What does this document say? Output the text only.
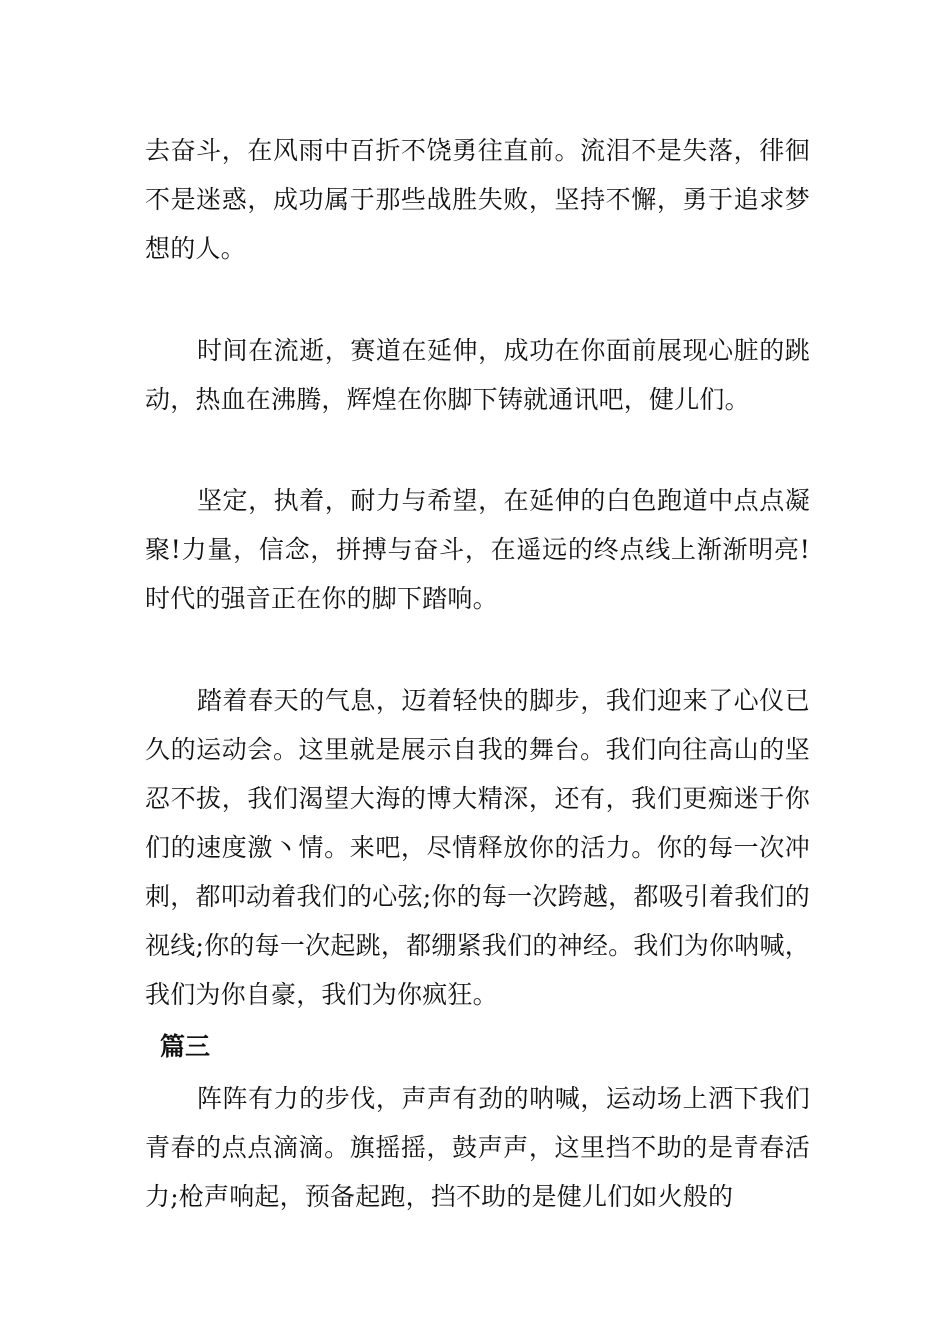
去奋斗，在风雨中百折不饶勇往直前。流泪不是失落，徘徊不是迷惑，成功属于那些战胜失败，坚持不懈，勇于追求梦想的人。

时间在流逝，赛道在延伸，成功在你面前展现心脏的跳动，热血在沸腾，辉煌在你脚下铸就通讯吧，健儿们。

坚定，执着，耐力与希望，在延伸的白色跑道中点点凝聚!力量，信念，拼搏与奋斗，在遥远的终点线上渐渐明亮!时代的强音正在你的脚下踏响。

踏着春天的气息，迈着轻快的脚步，我们迎来了心仪已久的运动会。这里就是展示自我的舞台。我们向往高山的坚忍不拔，我们渴望大海的博大精深，还有，我们更痴迷于你们的速度激丶情。来吧，尽情释放你的活力。你的每一次冲刺，都叩动着我们的心弦;你的每一次跨越，都吸引着我们的视线;你的每一次起跳，都绷紧我们的神经。我们为你呐喊，我们为你自豪，我们为你疯狂。

篇三

阵阵有力的步伐，声声有劲的呐喊，运动场上洒下我们青春的点点滴滴。旗摇摇，鼓声声，这里挡不助的是青春活力;枪声响起，预备起跑，挡不助的是健儿们如火般的
